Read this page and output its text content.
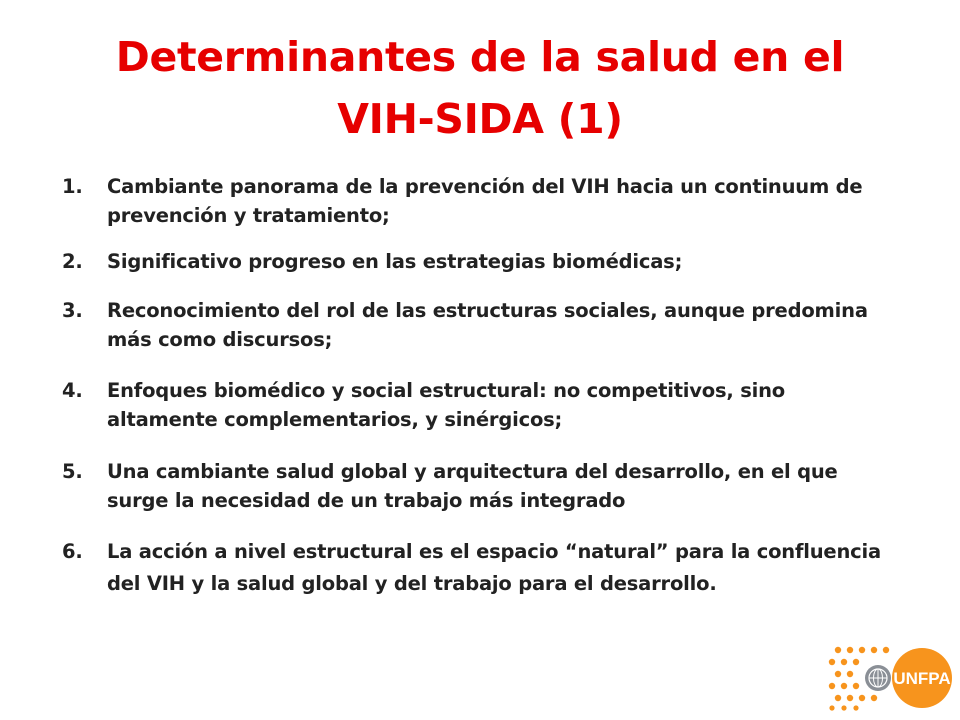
Determinantes de la salud en el
VIH-SIDA (1)
1. Cambiante panorama de la prevención del VIH hacia un continuum de prevención y tratamiento;
2. Significativo progreso en las estrategias biomédicas;
3. Reconocimiento del rol de las estructuras sociales, aunque predomina más como discursos;
4. Enfoques biomédico y social estructural: no competitivos, sino altamente complementarios, y sinérgicos;
5. Una cambiante salud global y arquitectura del desarrollo, en el que surge la necesidad de un trabajo más integrado
6. La acción a nivel estructural es el espacio “natural” para la confluencia del VIH y la salud global y del trabajo para el desarrollo.
UNFPA
